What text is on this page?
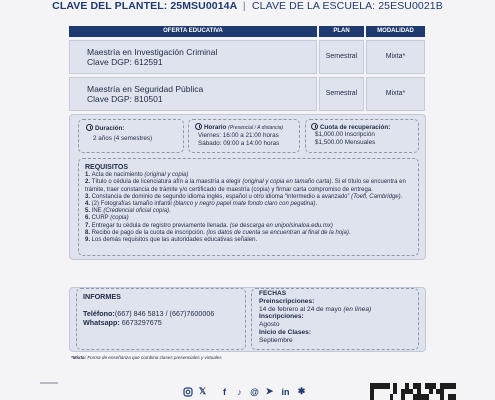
CLAVE DEL PLANTEL: 25MSU0014A | CLAVE DE LA ESCUELA: 25ESU0021B
OFERTA EDUCATIVA	PLAN	MODALIDAD
Maestría en Investigación Criminal
Clave DGP: 612591
Semestral	Mixta*
Maestría en Seguridad Pública
Clave DGP: 810501
Semestral	Mixta*
Duración:
2 años (4 semestres)
Horario (Presencial / A distancia)
Viernes: 16:00 a 21:00 horas
Sábado: 09:00 a 14:00 horas
Cuota de recuperación:
$1,000.00 Inscripción
$1,500.00 Mensuales
REQUISITOS

1. Acta de nacimiento (original y copia)

2. Título o cédula de licenciatura afín a la maestría a elegir (original y copia en tamaño carta). Si el título se encuentra en trámite, traer constancia de trámite y/o certificado de maestría (copia) y firmar carta compromiso de entrega.

3. Constancia de dominio de segundo idioma inglés, español u otro idioma “intermedio a avanzado” (Toefl, Cambridge).

4. (2) Fotografías tamaño infantil (blanco y negro papel mate fondo claro con pegatina).

5. INE (Credencial oficial copia).

6. CURP (copia)

7. Entregar tu cédula de registro previamente llenada. (se descarga en unipolsinaloa.edu.mx)

8. Recibo de pago de la cuota de inscripción. (los datos de cuenta se encuentran al final de la hoja).

9. Los demás requisitos que las autoridades educativas señalen.

INFORMES
Teléfono:(667) 846 5813 / (667)7600006
Whatsapp: 6673297675
FECHAS
Preinscripciones:
14 de febrero al 24 de mayo (en línea)
Inscripciones:
Agosto
Inicio de Clases:
Septiembre
*Mixta: Forma de enseñanza que combina clases presenciales y virtuales
𝕏	f	♪ @ ➤ in ✱
